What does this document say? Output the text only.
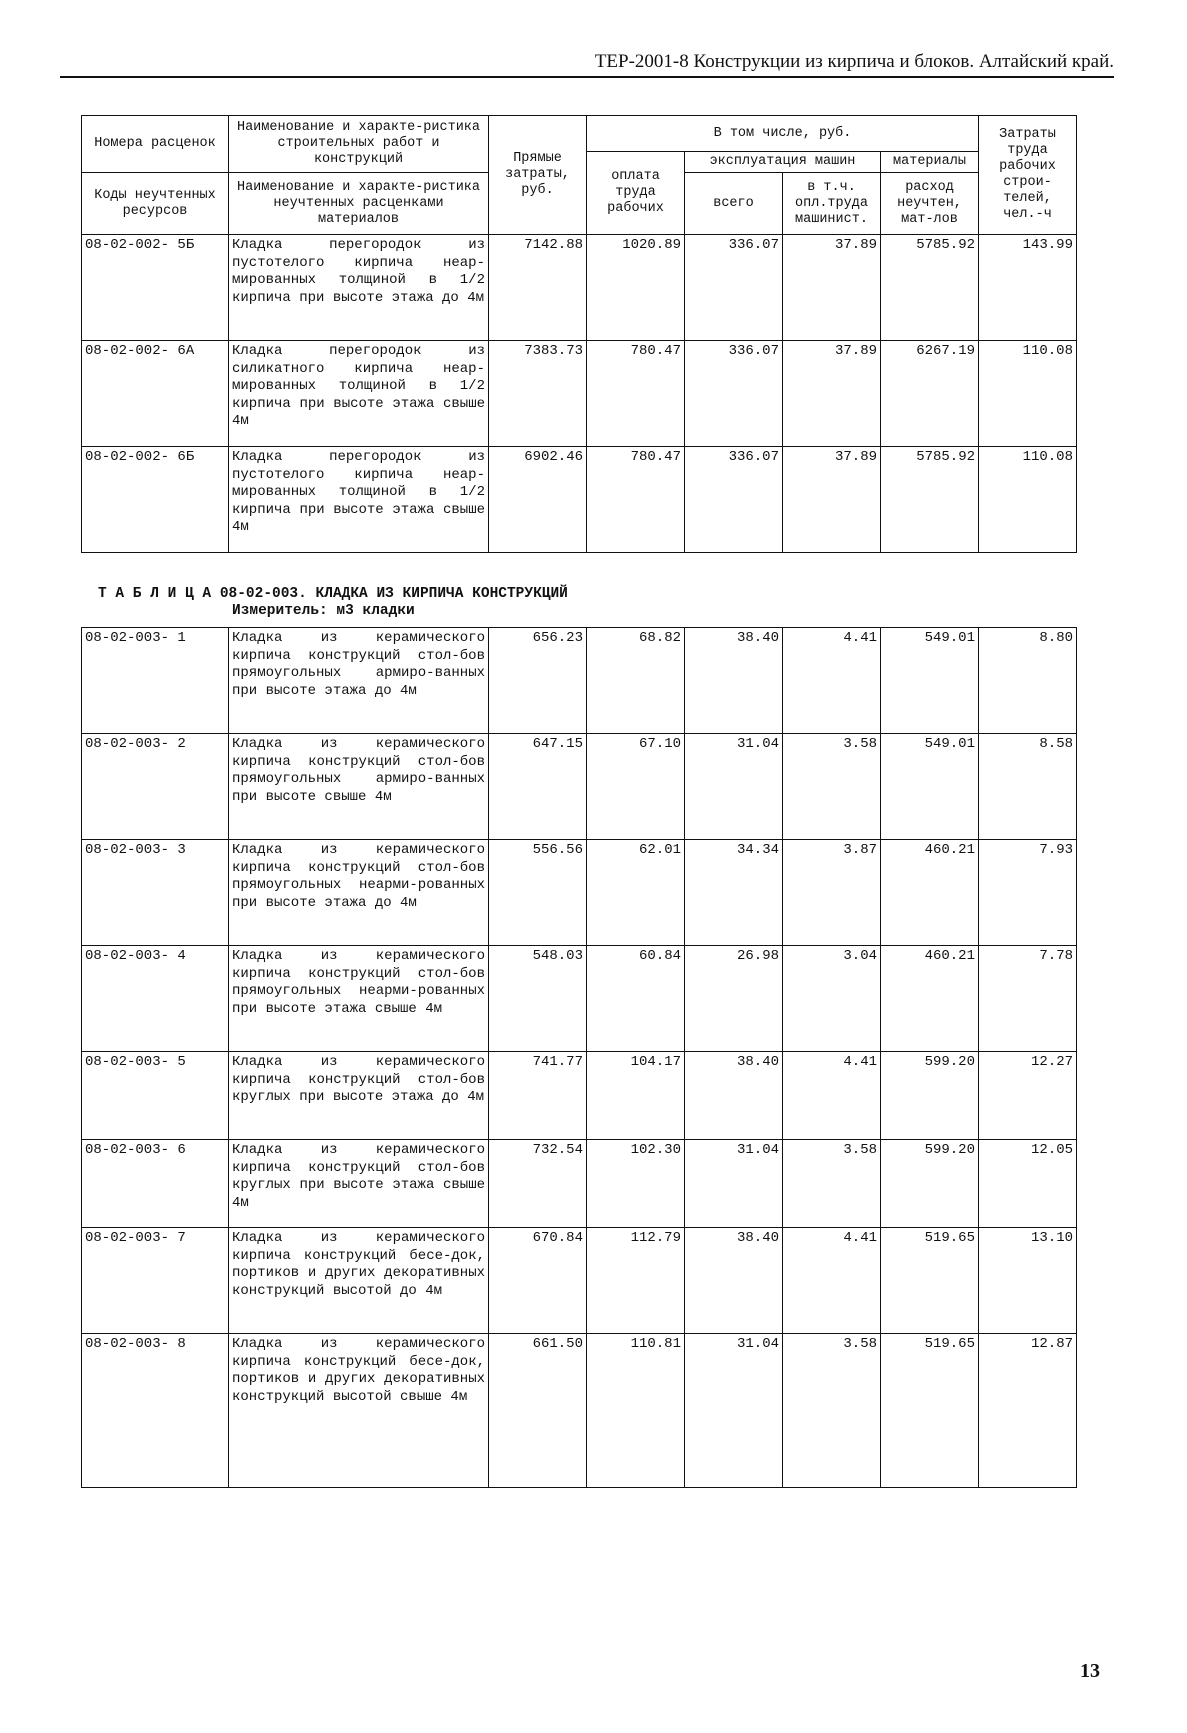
ТЕР-2001-8 Конструкции из кирпича и блоков. Алтайский край.
Номера расценок	Наименование и характе-ристика строительных работ и конструкций	Прямые затраты, руб.	В том числе, руб.				Затраты труда рабочих строи-телей, чел.-ч
			оплата труда рабочих	эксплуатация машин		материалы	
Коды неучтенных ресурсов	Наименование и характе-ристика неучтенных расценками материалов			всего	в т.ч. опл.труда машинист.	расход неучтен, мат-лов	

08-02-002- 5Б	Кладка перегородок из пустотелого кирпича неар-мированных толщиной в 1/2 кирпича при высоте этажа до 4м	7142.88	1020.89	336.07	37.89	5785.92	143.99
08-02-002- 6А	Кладка перегородок из силикатного кирпича неар-мированных толщиной в 1/2 кирпича при высоте этажа свыше 4м	7383.73	780.47	336.07	37.89	6267.19	110.08
08-02-002- 6Б	Кладка перегородок из пустотелого кирпича неар-мированных толщиной в 1/2 кирпича при высоте этажа свыше 4м	6902.46	780.47	336.07	37.89	5785.92	110.08
Т А Б Л И Ц А 08-02-003. КЛАДКА ИЗ КИРПИЧА КОНСТРУКЦИЙ
Измеритель: м3 кладки
08-02-003- 1	Кладка из керамического кирпича конструкций стол-бов прямоугольных армиро-ванных при высоте этажа до 4м	656.23	68.82	38.40	4.41	549.01	8.80
08-02-003- 2	Кладка из керамического кирпича конструкций стол-бов прямоугольных армиро-ванных при высоте свыше 4м	647.15	67.10	31.04	3.58	549.01	8.58
08-02-003- 3	Кладка из керамического кирпича конструкций стол-бов прямоугольных неарми-рованных при высоте этажа до 4м	556.56	62.01	34.34	3.87	460.21	7.93
08-02-003- 4	Кладка из керамического кирпича конструкций стол-бов прямоугольных неарми-рованных при высоте этажа свыше 4м	548.03	60.84	26.98	3.04	460.21	7.78
08-02-003- 5	Кладка из керамического кирпича конструкций стол-бов круглых при высоте этажа до 4м	741.77	104.17	38.40	4.41	599.20	12.27
08-02-003- 6	Кладка из керамического кирпича конструкций стол-бов круглых при высоте этажа свыше 4м	732.54	102.30	31.04	3.58	599.20	12.05
08-02-003- 7	Кладка из керамического кирпича конструкций бесе-док, портиков и других декоративных конструкций высотой до 4м	670.84	112.79	38.40	4.41	519.65	13.10
08-02-003- 8	Кладка из керамического кирпича конструкций бесе-док, портиков и других декоративных конструкций высотой свыше 4м	661.50	110.81	31.04	3.58	519.65	12.87
13
